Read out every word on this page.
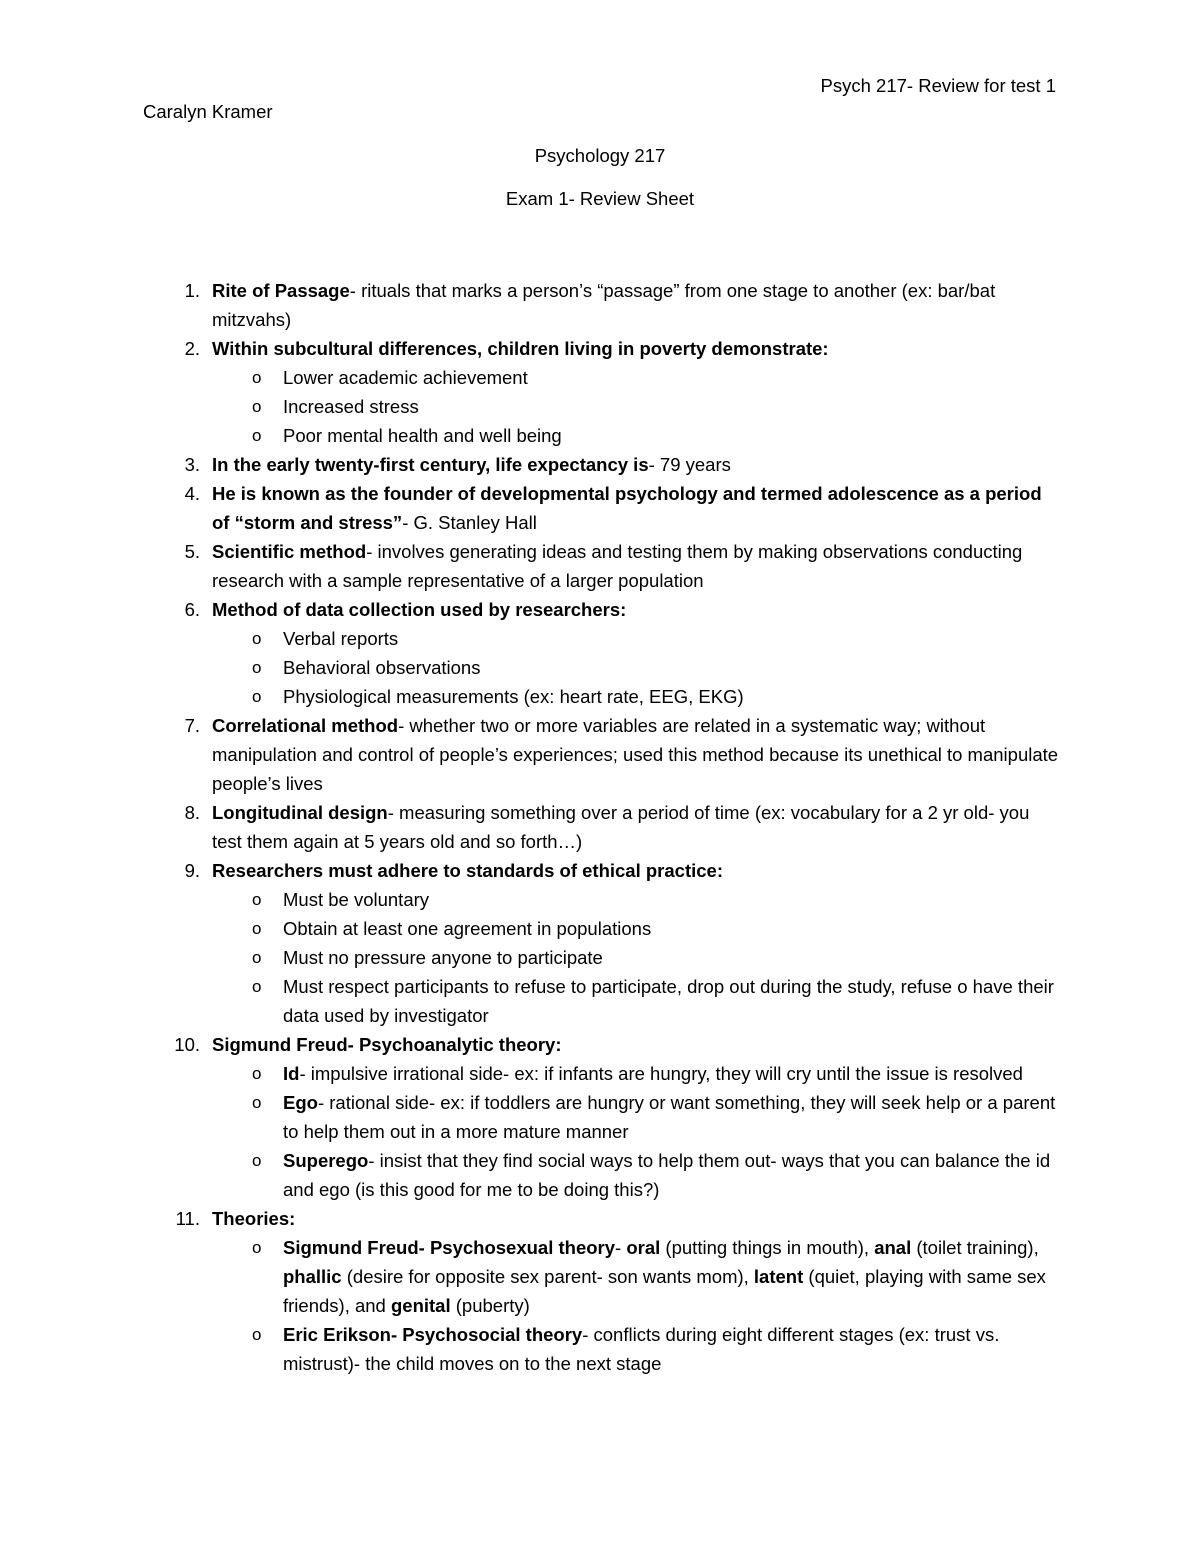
Psych 217- Review for test 1
Caralyn Kramer
Psychology 217
Exam 1- Review Sheet
1. Rite of Passage- rituals that marks a person’s “passage” from one stage to another (ex: bar/bat mitzvahs)
2. Within subcultural differences, children living in poverty demonstrate:
o Lower academic achievement
o Increased stress
o Poor mental health and well being
3. In the early twenty-first century, life expectancy is- 79 years
4. He is known as the founder of developmental psychology and termed adolescence as a period of “storm and stress”- G. Stanley Hall
5. Scientific method- involves generating ideas and testing them by making observations conducting research with a sample representative of a larger population
6. Method of data collection used by researchers:
o Verbal reports
o Behavioral observations
o Physiological measurements (ex: heart rate, EEG, EKG)
7. Correlational method- whether two or more variables are related in a systematic way; without manipulation and control of people’s experiences; used this method because its unethical to manipulate people’s lives
8. Longitudinal design- measuring something over a period of time (ex: vocabulary for a 2 yr old- you test them again at 5 years old and so forth…)
9. Researchers must adhere to standards of ethical practice:
o Must be voluntary
o Obtain at least one agreement in populations
o Must no pressure anyone to participate
o Must respect participants to refuse to participate, drop out during the study, refuse o have their data used by investigator
10. Sigmund Freud- Psychoanalytic theory:
o Id- impulsive irrational side- ex: if infants are hungry, they will cry until the issue is resolved
o Ego- rational side- ex: if toddlers are hungry or want something, they will seek help or a parent to help them out in a more mature manner
o Superego- insist that they find social ways to help them out- ways that you can balance the id and ego (is this good for me to be doing this?)
11. Theories:
o Sigmund Freud- Psychosexual theory- oral (putting things in mouth), anal (toilet training), phallic (desire for opposite sex parent- son wants mom), latent (quiet, playing with same sex friends), and genital (puberty)
o Eric Erikson- Psychosocial theory- conflicts during eight different stages (ex: trust vs. mistrust)- the child moves on to the next stage
